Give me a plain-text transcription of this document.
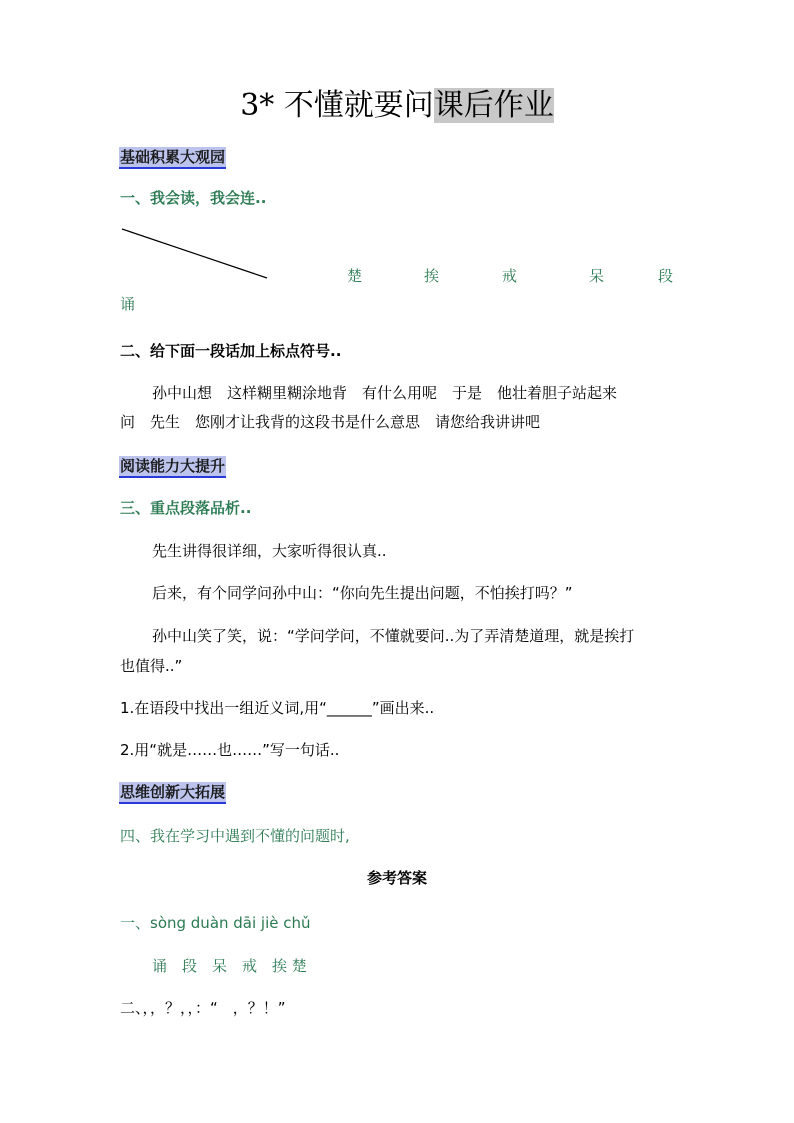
3* 不懂就要问课后作业
基础积累大观园
一、我会读，我会连..
楚	挨	戒	呆	段
诵
二、给下面一段话加上标点符号..
孙中山想　这样糊里糊涂地背　有什么用呢　于是　他壮着胆子站起来
问　先生　您刚才让我背的这段书是什么意思　请您给我讲讲吧
阅读能力大提升
三、重点段落品析..
先生讲得很详细，大家听得很认真..
后来，有个同学问孙中山：“你向先生提出问题，不怕挨打吗？”
孙中山笑了笑，说：“学问学问，不懂就要问..为了弄清楚道理，就是挨打
也值得..”
1.在语段中找出一组近义词,用“______”画出来..
2.用“就是……也……”写一句话..
思维创新大拓展
四、我在学习中遇到不懂的问题时,
参考答案
一、sòng duàn dāi jiè chǔ
诵　段　呆　戒　挨 楚
二、，，？，，：“　，？！”
